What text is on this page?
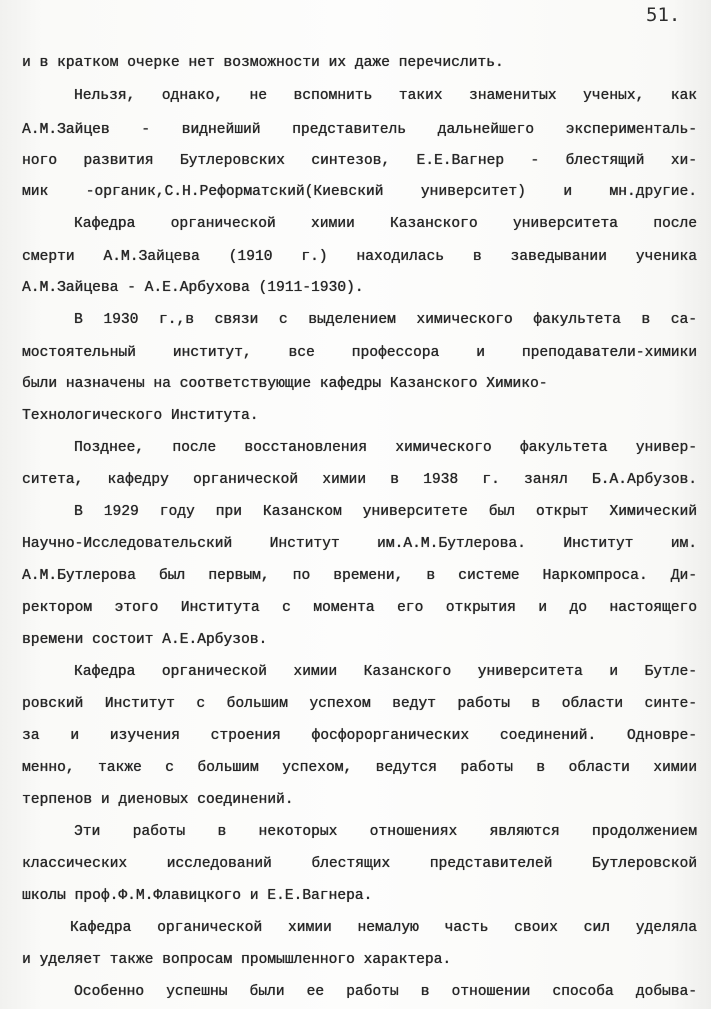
51.
и в кратком очерке нет возможности их даже перечислить.
Нельзя, однако, не вспомнить таких знаменитых ученых, как
А.М.Зайцев - виднейший представитель дальнейшего эксперименталь-
ного развития Бутлеровских синтезов, Е.Е.Вагнер - блестящий хи-
мик -органик,С.Н.Реформатский(Киевский университет) и мн.другие.
Кафедра органической химии Казанского университета после
смерти А.М.Зайцева (1910 г.) находилась в заведывании ученика
А.М.Зайцева - А.Е.Арбухова (1911-1930).
В 1930 г.,в связи с выделением химического факультета в са-
мостоятельный институт, все профессора и преподаватели-химики
были назначены на соответствующие кафедры Казанского Химико-
Технологического Института.
Позднее, после восстановления химического факультета универ-
ситета, кафедру органической химии в 1938 г. занял Б.А.Арбузов.
В 1929 году при Казанском университете был открыт Химический
Научно-Исследовательский Институт им.А.М.Бутлерова. Институт им.
А.М.Бутлерова был первым, по времени, в системе Наркомпроса. Ди-
ректором этого Института с момента его открытия и до настоящего
времени состоит А.Е.Арбузов.
Кафедра органической химии Казанского университета и Бутле-
ровский Институт с большим успехом ведут работы в области синте-
за и изучения строения фосфорорганических соединений. Одновре-
менно, также с большим успехом, ведутся работы в области химии
терпенов и диеновых соединений.
Эти работы в некоторых отношениях являются продолжением
классических исследований блестящих представителей Бутлеровской
школы проф.Ф.М.Флавицкого и Е.Е.Вагнера.
Кафедра органической химии немалую часть своих сил уделяла
и уделяет также вопросам промышленного характера.
Особенно успешны были ее работы в отношении способа добыва-
